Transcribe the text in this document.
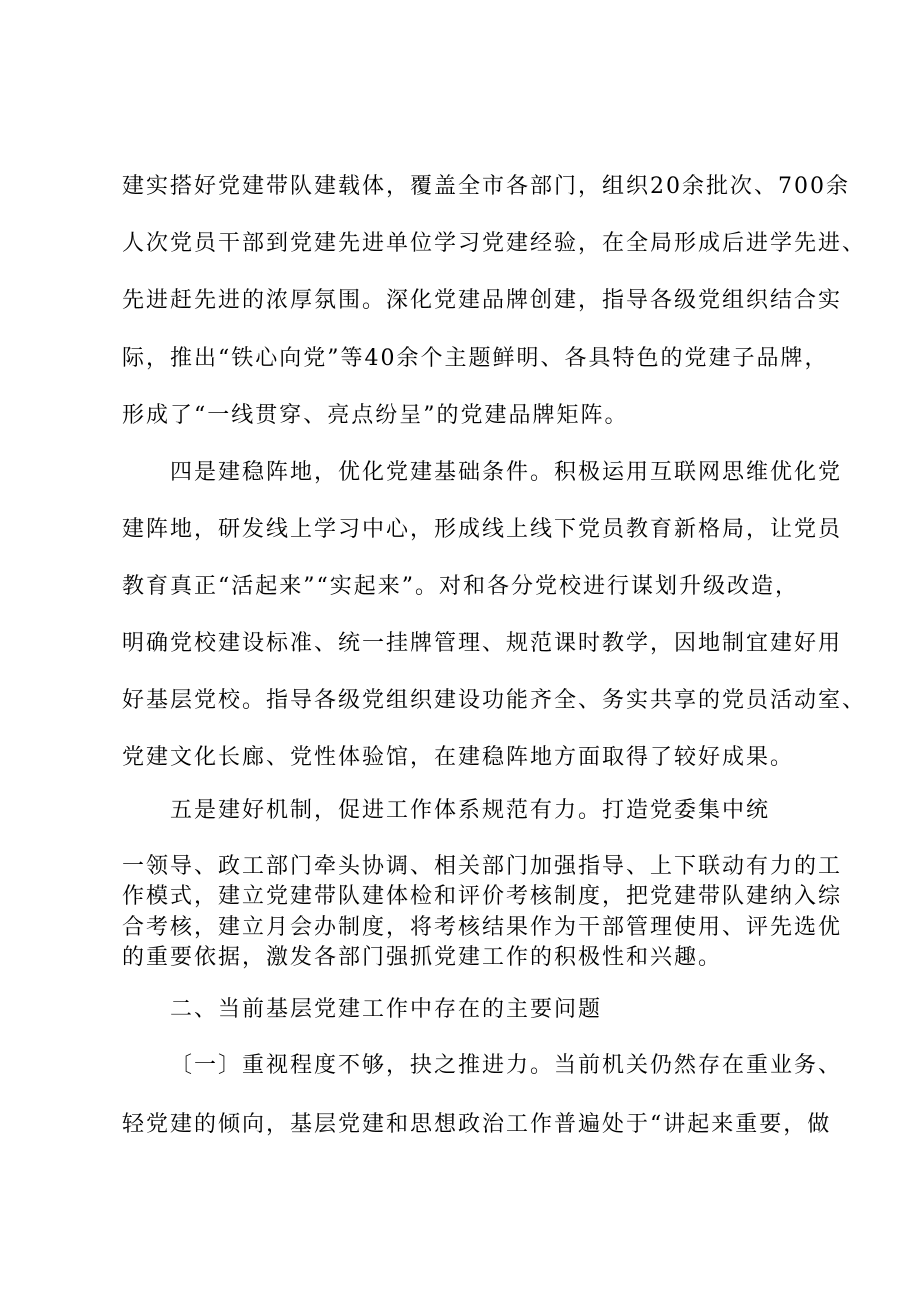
建实搭好党建带队建载体，覆盖全市各部门，组织20余批次、700余
人次党员干部到党建先进单位学习党建经验，在全局形成后进学先进、
先进赶先进的浓厚氛围。深化党建品牌创建，指导各级党组织结合实
际，推出“铁心向党”等40余个主题鲜明、各具特色的党建子品牌，
形成了“一线贯穿、亮点纷呈”的党建品牌矩阵。
四是建稳阵地，优化党建基础条件。积极运用互联网思维优化党
建阵地，研发线上学习中心，形成线上线下党员教育新格局，让党员
教育真正“活起来”“实起来”。对和各分党校进行谋划升级改造，
明确党校建设标准、统一挂牌管理、规范课时教学，因地制宜建好用
好基层党校。指导各级党组织建设功能齐全、务实共享的党员活动室、
党建文化长廊、党性体验馆，在建稳阵地方面取得了较好成果。
五是建好机制，促进工作体系规范有力。打造党委集中统
一领导、政工部门牵头协调、相关部门加强指导、上下联动有力的工
作模式，建立党建带队建体检和评价考核制度，把党建带队建纳入综
合考核，建立月会办制度，将考核结果作为干部管理使用、评先选优
的重要依据，激发各部门强抓党建工作的积极性和兴趣。
二、当前基层党建工作中存在的主要问题
〔一〕重视程度不够，抉之推进力。当前机关仍然存在重业务、
轻党建的倾向，基层党建和思想政治工作普遍处于“讲起来重要，做
